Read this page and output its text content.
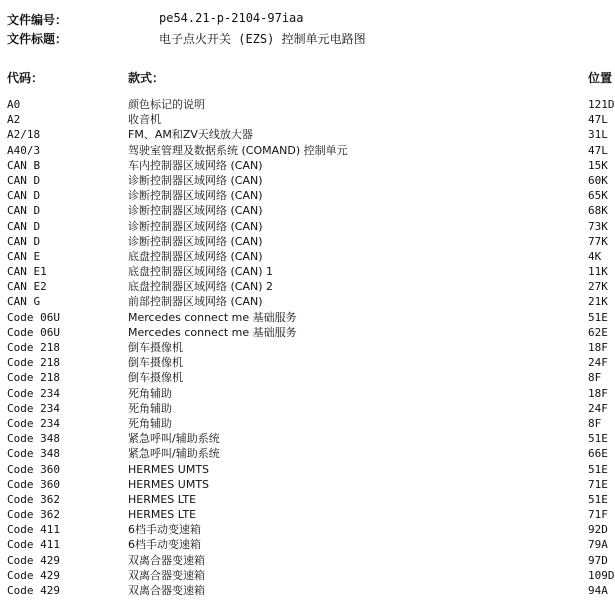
文件编号：	pe54.21-p-2104-97iaa
文件标题：	电子点火开关 (EZS) 控制单元电路图
代码：	款式：	位置
A0	颜色标记的说明	121D
A2	收音机	47L
A2/18	FM、AM和ZV天线放大器	31L
A40/3	驾驶室管理及数据系统 (COMAND) 控制单元	47L
CAN B	车内控制器区域网络 (CAN)	15K
CAN D	诊断控制器区域网络 (CAN)	60K
CAN D	诊断控制器区域网络 (CAN)	65K
CAN D	诊断控制器区域网络 (CAN)	68K
CAN D	诊断控制器区域网络 (CAN)	73K
CAN D	诊断控制器区域网络 (CAN)	77K
CAN E	底盘控制器区域网络 (CAN)	4K
CAN E1	底盘控制器区域网络 (CAN) 1	11K
CAN E2	底盘控制器区域网络 (CAN) 2	27K
CAN G	前部控制器区域网络 (CAN)	21K
Code 06U	Mercedes connect me 基础服务	51E
Code 06U	Mercedes connect me 基础服务	62E
Code 218	倒车摄像机	18F
Code 218	倒车摄像机	24F
Code 218	倒车摄像机	8F
Code 234	死角辅助	18F
Code 234	死角辅助	24F
Code 234	死角辅助	8F
Code 348	紧急呼叫/辅助系统	51E
Code 348	紧急呼叫/辅助系统	66E
Code 360	HERMES UMTS	51E
Code 360	HERMES UMTS	71E
Code 362	HERMES LTE	51E
Code 362	HERMES LTE	71F
Code 411	6档手动变速箱	92D
Code 411	6档手动变速箱	79A
Code 429	双离合器变速箱	97D
Code 429	双离合器变速箱	109D
Code 429	双离合器变速箱	94A
